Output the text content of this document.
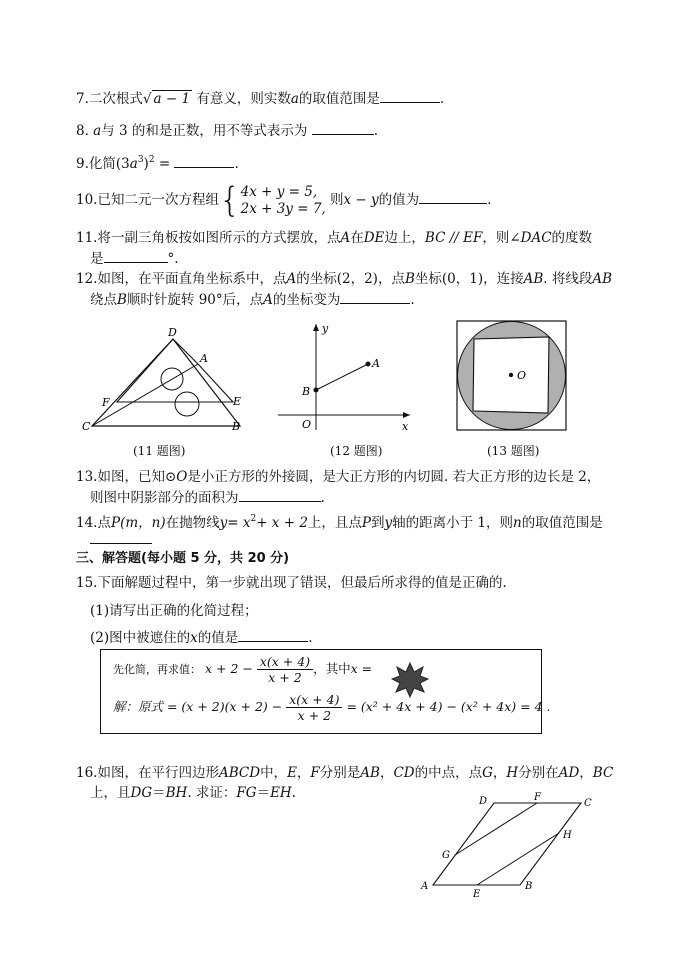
7.二次根式√ a − 1 有意义，则实数a的取值范围是	.
8. a与 3 的和是正数，用不等式表示为	.
9.化简$(3a^3)^2$ =	.
10.已知二元一次方程组{ 4x + y = 5,
2x + 3y = 7,
则x − y的值为	.
11.将一副三角板按如图所示的方式摆放，点A在DE边上，BC // EF，则∠DAC的度数
是	°.
12.如图，在平面直角坐标系中，点A的坐标(2，2)，点B坐标(0，1)，连接AB. 将线段AB
绕点B顺时针旋转 90°后，点A的坐标变为	.
D
A
F	E
C	B
(11 题图)
y
x
A
B
O
(12 题图)
O
(13 题图)
13.如图，已知⊙O是小正方形的外接圆，是大正方形的内切圆. 若大正方形的边长是 2，
则图中阴影部分的面积为	.
14.点P(m，n)在抛物线$y= x^2+ x + 2$上，且点P到y轴的距离小于 1，则n的取值范围是
三、解答题(每小题 5 分，共 20 分)
15.下面解题过程中，第一步就出现了错误，但最后所求得的值是正确的.
(1)请写出正确的化简过程；
(2)图中被遮住的x的值是	.
先化简，再求值： $x + 2 - \frac{x(x + 4)}{x + 2}$ ，其中x =
解：原式 = $(x + 2)(x + 2) - \frac{x(x + 4)}{x + 2} = (x^2 + 4x + 4) - (x^2 + 4x) = 4$ .
16.如图，在平行四边形ABCD中，E，F分别是AB，CD的中点，点G，H分别在AD，BC
上，且DG＝BH. 求证：FG＝EH.
D	F
C
H
G
A
E
B
